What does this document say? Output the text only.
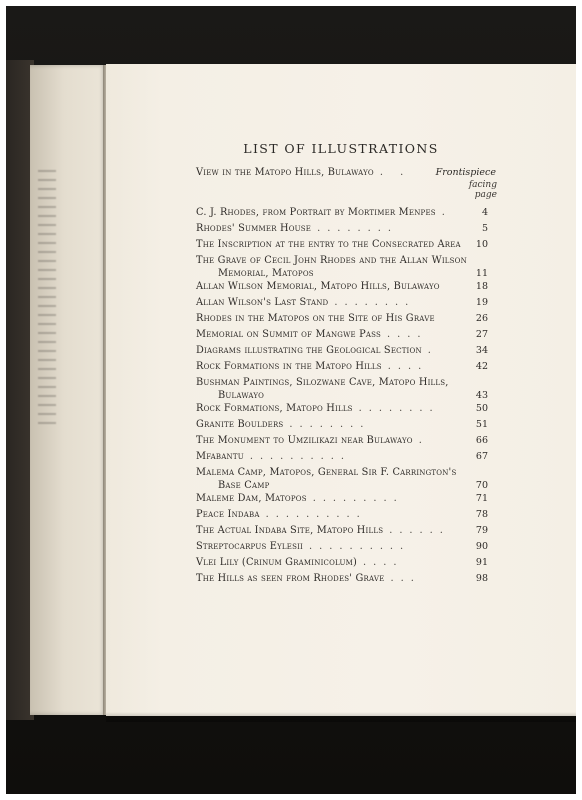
LIST OF ILLUSTRATIONS
View in the Matopo Hills, Bulawayo . .	Frontispiece
facing
page
C. J. Rhodes, from Portrait by Mortimer Menpes .	4
Rhodes' Summer House ........	5
The Inscription at the entry to the Consecrated Area	10
The Grave of Cecil John Rhodes and the Allan Wilson
Memorial, Matopos	11
Allan Wilson Memorial, Matopo Hills, Bulawayo	18
Allan Wilson's Last Stand ........	19
Rhodes in the Matopos on the Site of His Grave	26
Memorial on Summit of Mangwe Pass ....	27
Diagrams illustrating the Geological Section .	34
Rock Formations in the Matopo Hills ....	42
Bushman Paintings, Silozwane Cave, Matopo Hills,
Bulawayo	43
Rock Formations, Matopo Hills ........	50
Granite Boulders ........	51
The Monument to Umzilikazi near Bulawayo .	66
Mfabantu ..........	67
Malema Camp, Matopos, General Sir F. Carrington's
Base Camp	70
Maleme Dam, Matopos .........	71
Peace Indaba ..........	78
The Actual Indaba Site, Matopo Hills ......	79
Streptocarpus Eylesii ..........	90
Vlei Lily (Crinum Graminicolum) ....	91
The Hills as seen from Rhodes' Grave ...	98
